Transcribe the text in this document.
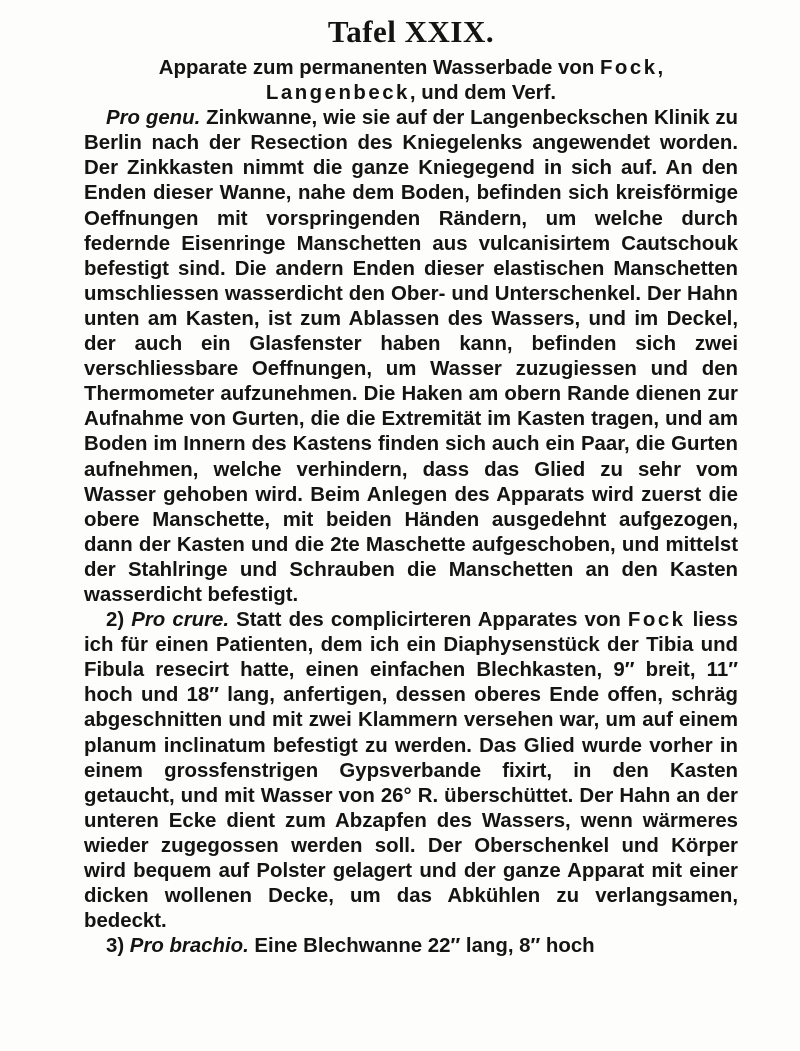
Tafel XXIX.

Apparate zum permanenten Wasserbade von Fock, Langenbeck, und dem Verf.

Pro genu. Zinkwanne, wie sie auf der Langenbeckschen Klinik zu Berlin nach der Resection des Kniegelenks angewendet worden. Der Zinkkasten nimmt die ganze Kniegegend in sich auf. An den Enden dieser Wanne, nahe dem Boden, befinden sich kreisförmige Oeffnungen mit vorspringenden Rändern, um welche durch federnde Eisenringe Manschetten aus vulcanisirtem Cautschouk befestigt sind. Die andern Enden dieser elastischen Manschetten umschliessen wasserdicht den Ober- und Unterschenkel. Der Hahn unten am Kasten, ist zum Ablassen des Wassers, und im Deckel, der auch ein Glasfenster haben kann, befinden sich zwei verschliessbare Oeffnungen, um Wasser zuzugiessen und den Thermometer aufzunehmen. Die Haken am obern Rande dienen zur Aufnahme von Gurten, die die Extremität im Kasten tragen, und am Boden im Innern des Kastens finden sich auch ein Paar, die Gurten aufnehmen, welche verhindern, dass das Glied zu sehr vom Wasser gehoben wird. Beim Anlegen des Apparats wird zuerst die obere Manschette, mit beiden Händen ausgedehnt aufgezogen, dann der Kasten und die 2te Maschette aufgeschoben, und mittelst der Stahlringe und Schrauben die Manschetten an den Kasten wasserdicht befestigt.

2) Pro crure. Statt des complicirteren Apparates von Fock liess ich für einen Patienten, dem ich ein Diaphysenstück der Tibia und Fibula resecirt hatte, einen einfachen Blechkasten, 9″ breit, 11″ hoch und 18″ lang, anfertigen, dessen oberes Ende offen, schräg abgeschnitten und mit zwei Klammern versehen war, um auf einem planum inclinatum befestigt zu werden. Das Glied wurde vorher in einem grossfenstrigen Gypsverbande fixirt, in den Kasten getaucht, und mit Wasser von 26° R. überschüttet. Der Hahn an der unteren Ecke dient zum Abzapfen des Wassers, wenn wärmeres wieder zugegossen werden soll. Der Oberschenkel und Körper wird bequem auf Polster gelagert und der ganze Apparat mit einer dicken wollenen Decke, um das Abkühlen zu verlangsamen, bedeckt.

3) Pro brachio. Eine Blechwanne 22″ lang, 8″ hoch
